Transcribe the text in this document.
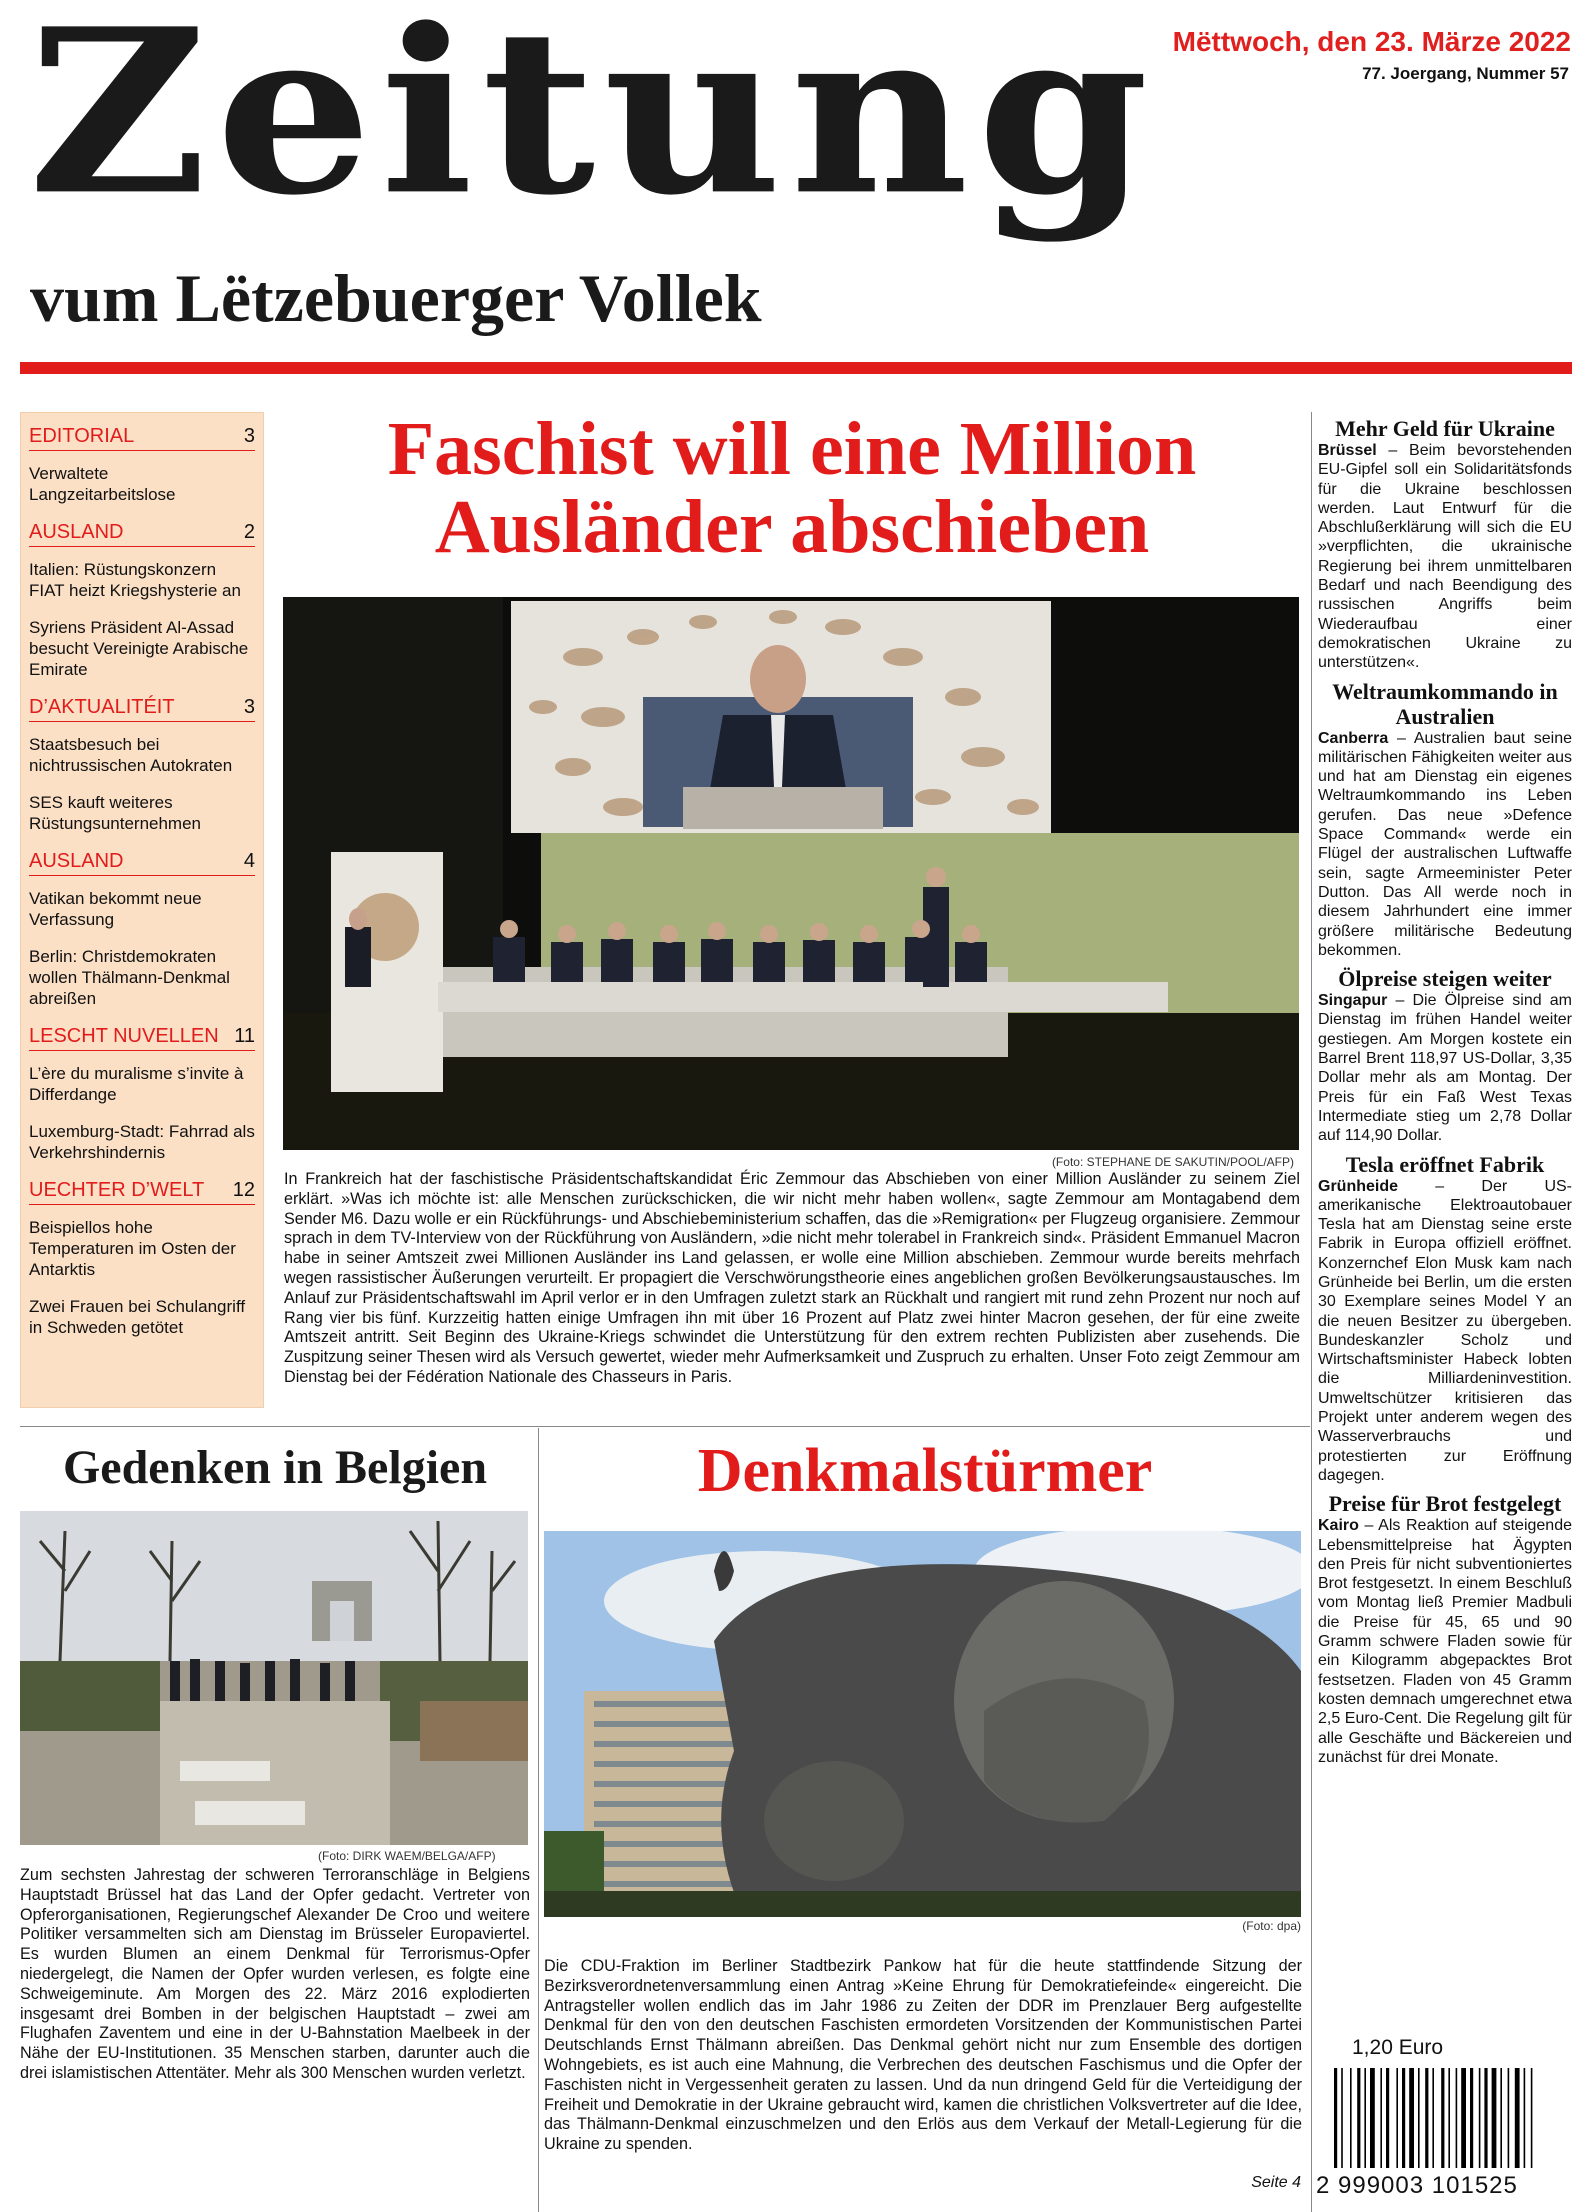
Zeitung
vum Lëtzebuerger Vollek
Mëttwoch, den 23. Märze 2022
77. Joergang, Nummer 57
EDITORIAL	3
Verwaltete Langzeitarbeitslose
AUSLAND	2
Italien: Rüstungskonzern FIAT heizt Kriegshysterie an
Syriens Präsident Al-Assad besucht Vereinigte Arabische Emirate
D’AKTUALITÉIT	3
Staatsbesuch bei nichtrussischen Autokraten
SES kauft weiteres Rüstungsunternehmen
AUSLAND	4
Vatikan bekommt neue Verfassung
Berlin: Christdemokraten wollen Thälmann-Denkmal abreißen
LESCHT NUVELLEN 11
L’ère du muralisme s’invite à Differdange
Luxemburg-Stadt: Fahrrad als Verkehrshindernis
UECHTER D’WELT 12
Beispiellos hohe Temperaturen im Osten der Antarktis
Zwei Frauen bei Schulangriff in Schweden getötet
Faschist will eine Million
Ausländer abschieben
(Foto: STEPHANE DE SAKUTIN/POOL/AFP)
In Frankreich hat der faschistische Präsidentschaftskandidat Éric Zemmour das Abschieben von einer Million Ausländer zu seinem Ziel erklärt. »Was ich möchte ist: alle Menschen zurückschicken, die wir nicht mehr haben wollen«, sagte Zemmour am Montagabend dem Sender M6. Dazu wolle er ein Rückführungs- und Abschiebeministerium schaffen, das die »Remigration« per Flugzeug organisiere. Zemmour sprach in dem TV-Interview von der Rückführung von Ausländern, »die nicht mehr tolerabel in Frankreich sind«. Präsident Emmanuel Macron habe in seiner Amtszeit zwei Millionen Ausländer ins Land gelassen, er wolle eine Million abschieben. Zemmour wurde bereits mehrfach wegen rassistischer Äußerungen verurteilt. Er propagiert die Verschwörungstheorie eines angeblichen großen Bevölkerungsaustausches. Im Anlauf zur Präsidentschaftswahl im April verlor er in den Umfragen zuletzt stark an Rückhalt und rangiert mit rund zehn Prozent nur noch auf Rang vier bis fünf. Kurzzeitig hatten einige Umfragen ihn mit über 16 Prozent auf Platz zwei hinter Macron gesehen, der für eine zweite Amtszeit antritt. Seit Beginn des Ukraine-Kriegs schwindet die Unterstützung für den extrem rechten Publizisten aber zusehends. Die Zuspitzung seiner Thesen wird als Versuch gewertet, wieder mehr Aufmerksamkeit und Zuspruch zu erhalten. Unser Foto zeigt Zemmour am Dienstag bei der Fédération Nationale des Chasseurs in Paris.
Mehr Geld für Ukraine
Brüssel – Beim bevorstehenden EU-Gipfel soll ein Solidaritätsfonds für die Ukraine beschlossen werden. Laut Entwurf für die Abschlußerklärung will sich die EU »verpflichten, die ukrainische Regierung bei ihrem unmittelbaren Bedarf und nach Beendigung des russischen Angriffs beim Wiederaufbau einer demokratischen Ukraine zu unterstützen«.
Weltraumkommando in Australien
Canberra – Australien baut seine militärischen Fähigkeiten weiter aus und hat am Dienstag ein eigenes Weltraumkommando ins Leben gerufen. Das neue »Defence Space Command« werde ein Flügel der australischen Luftwaffe sein, sagte Armeeminister Peter Dutton. Das All werde noch in diesem Jahrhundert eine immer größere militärische Bedeutung bekommen.
Ölpreise steigen weiter
Singapur – Die Ölpreise sind am Dienstag im frühen Handel weiter gestiegen. Am Morgen kostete ein Barrel Brent 118,97 US-Dollar, 3,35 Dollar mehr als am Montag. Der Preis für ein Faß West Texas Intermediate stieg um 2,78 Dollar auf 114,90 Dollar.
Tesla eröffnet Fabrik
Grünheide – Der US-amerikanische Elektroautobauer Tesla hat am Dienstag seine erste Fabrik in Europa offiziell eröffnet. Konzernchef Elon Musk kam nach Grünheide bei Berlin, um die ersten 30 Exemplare seines Model Y an die neuen Besitzer zu übergeben. Bundeskanzler Scholz und Wirtschaftsminister Habeck lobten die Milliardeninvestition. Umweltschützer kritisieren das Projekt unter anderem wegen des Wasserverbrauchs und protestierten zur Eröffnung dagegen.
Preise für Brot festgelegt
Kairo – Als Reaktion auf steigende Lebensmittelpreise hat Ägypten den Preis für nicht subventioniertes Brot festgesetzt. In einem Beschluß vom Montag ließ Premier Madbuli die Preise für 45, 65 und 90 Gramm schwere Fladen sowie für ein Kilogramm abgepacktes Brot festsetzen. Fladen von 45 Gramm kosten demnach umgerechnet etwa 2,5 Euro-Cent. Die Regelung gilt für alle Geschäfte und Bäckereien und zunächst für drei Monate.
Gedenken in Belgien
(Foto: DIRK WAEM/BELGA/AFP)
Zum sechsten Jahrestag der schweren Terroranschläge in Belgiens Hauptstadt Brüssel hat das Land der Opfer gedacht. Vertreter von Opferorganisationen, Regierungschef Alexander De Croo und weitere Politiker versammelten sich am Dienstag im Brüsseler Europaviertel. Es wurden Blumen an einem Denkmal für Terrorismus-Opfer niedergelegt, die Namen der Opfer wurden verlesen, es folgte eine Schweigeminute. Am Morgen des 22. März 2016 explodierten insgesamt drei Bomben in der belgischen Hauptstadt – zwei am Flughafen Zaventem und eine in der U-Bahnstation Maelbeek in der Nähe der EU-Institutionen. 35 Menschen starben, darunter auch die drei islamistischen Attentäter. Mehr als 300 Menschen wurden verletzt.
Denkmalstürmer
(Foto: dpa)
Die CDU-Fraktion im Berliner Stadtbezirk Pankow hat für die heute stattfindende Sitzung der Bezirksverordnetenversammlung einen Antrag »Keine Ehrung für Demokratiefeinde« eingereicht. Die Antragsteller wollen endlich das im Jahr 1986 zu Zeiten der DDR im Prenzlauer Berg aufgestellte Denkmal für den von den deutschen Faschisten ermordeten Vorsitzenden der Kommunistischen Partei Deutschlands Ernst Thälmann abreißen. Das Denkmal gehört nicht nur zum Ensemble des dortigen Wohngebiets, es ist auch eine Mahnung, die Verbrechen des deutschen Faschismus und die Opfer der Faschisten nicht in Vergessenheit geraten zu lassen. Und da nun dringend Geld für die Verteidigung der Freiheit und Demokratie in der Ukraine gebraucht wird, kamen die christlichen Volksvertreter auf die Idee, das Thälmann-Denkmal einzuschmelzen und den Erlös aus dem Verkauf der Metall-Legierung für die Ukraine zu spenden.
Seite 4
1,20 Euro
2 999003 101525
